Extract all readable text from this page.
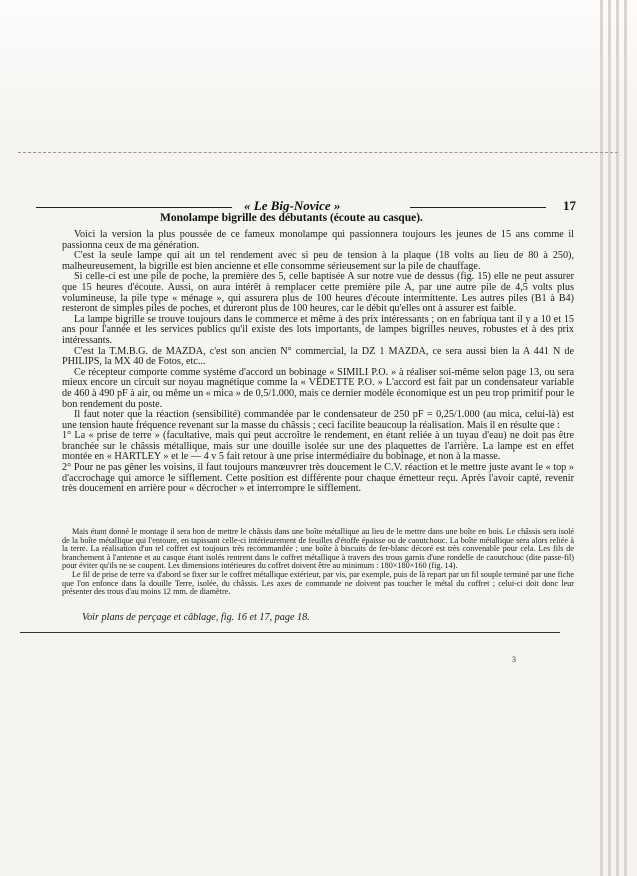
« Le Big-Novice »	17
Monolampe bigrille des débutants (écoute au casque).

Voici la version la plus poussée de ce fameux monolampe qui passionnera toujours les jeunes de 15 ans comme il passionna ceux de ma génération.

C'est la seule lampe qui ait un tel rendement avec si peu de tension à la plaque (18 volts au lieu de 80 à 250), malheureusement, la bigrille est bien ancienne et elle consomme sérieusement sur la pile de chauffage.

Si celle-ci est une pile de poche, la première des 5, celle baptisée A sur notre vue de dessus (fig. 15) elle ne peut assurer que 15 heures d'écoute. Aussi, on aura intérêt à remplacer cette première pile A, par une autre pile de 4,5 volts plus volumineuse, la pile type « ménage », qui assurera plus de 100 heures d'écoute intermittente. Les autres piles (B1 à B4) resteront de simples piles de poches, et dureront plus de 100 heures, car le débit qu'elles ont à assurer est faible.

La lampe bigrille se trouve toujours dans le commerce et même à des prix intéressants ; on en fabriqua tant il y a 10 et 15 ans pour l'année et les services publics qu'il existe des lots importants, de lampes bigrilles neuves, robustes et à des prix intéressants.

C'est la T.M.B.G. de MAZDA, c'est son ancien N° commercial, la DZ 1 MAZDA, ce sera aussi bien la A 441 N de PHILIPS, la MX 40 de Fotos, etc...

Ce récepteur comporte comme système d'accord un bobinage « SIMILI P.O. » à réaliser soi-même selon page 13, ou sera mieux encore un circuit sur noyau magnétique comme la « VEDETTE P.O. » L'accord est fait par un condensateur variable de 460 à 490 pF à air, ou même un « mica » de 0,5/1.000, mais ce dernier modèle économique est un peu trop primitif pour le bon rendement du poste.

Il faut noter que la réaction (sensibilité) commandée par le condensateur de 250 pF = 0,25/1.000 (au mica, celui-là) est une tension haute fréquence revenant sur la masse du châssis ; ceci facilite beaucoup la réalisation. Mais il en résulte que :

1° La « prise de terre » (facultative, mais qui peut accroître le rendement, en étant reliée à un tuyau d'eau) ne doit pas être branchée sur le châssis métallique, mais sur une douille isolée sur une des plaquettes de l'arrière. La lampe est en effet montée en « HARTLEY » et le — 4 v 5 fait retour à une prise intermédiaire du bobinage, et non à la masse.

2° Pour ne pas gêner les voisins, il faut toujours manœuvrer très doucement le C.V. réaction et le mettre juste avant le « top » d'accrochage qui amorce le sifflement. Cette position est différente pour chaque émetteur reçu. Après l'avoir capté, revenir très doucement en arrière pour « décrocher » et interrompre le sifflement.

Mais étant donné le montage il sera bon de mettre le châssis dans une boîte métallique au lieu de le mettre dans une boîte en bois. Le châssis sera isolé de la boîte métallique qui l'entoure, en tapissant celle-ci intérieurement de feuilles d'étoffe épaisse ou de caoutchouc. La boîte métallique sera alors reliée à la terre. La réalisation d'un tel coffret est toujours très recommandée ; une boîte à biscuits de fer-blanc décoré est très convenable pour cela. Les fils de branchement à l'antenne et au casque étant isolés rentrent dans le coffret métallique à travers des trous garnis d'une rondelle de caoutchouc (dite passe-fil) pour éviter qu'ils ne se coupent. Les dimensions intérieures du coffret doivent être au minimum : 180×180×160 (fig. 14).

Le fil de prise de terre va d'abord se fixer sur le coffret métallique extérieur, par vis, par exemple, puis de là repart par un fil souple terminé par une fiche que l'on enfonce dans la douille Terre, isolée, du châssis. Les axes de commande ne doivent pas toucher le métal du coffret ; celui-ci doit donc leur présenter des trous d'au moins 12 mm. de diamètre.

Voir plans de perçage et câblage, fig. 16 et 17, page 18.
3
